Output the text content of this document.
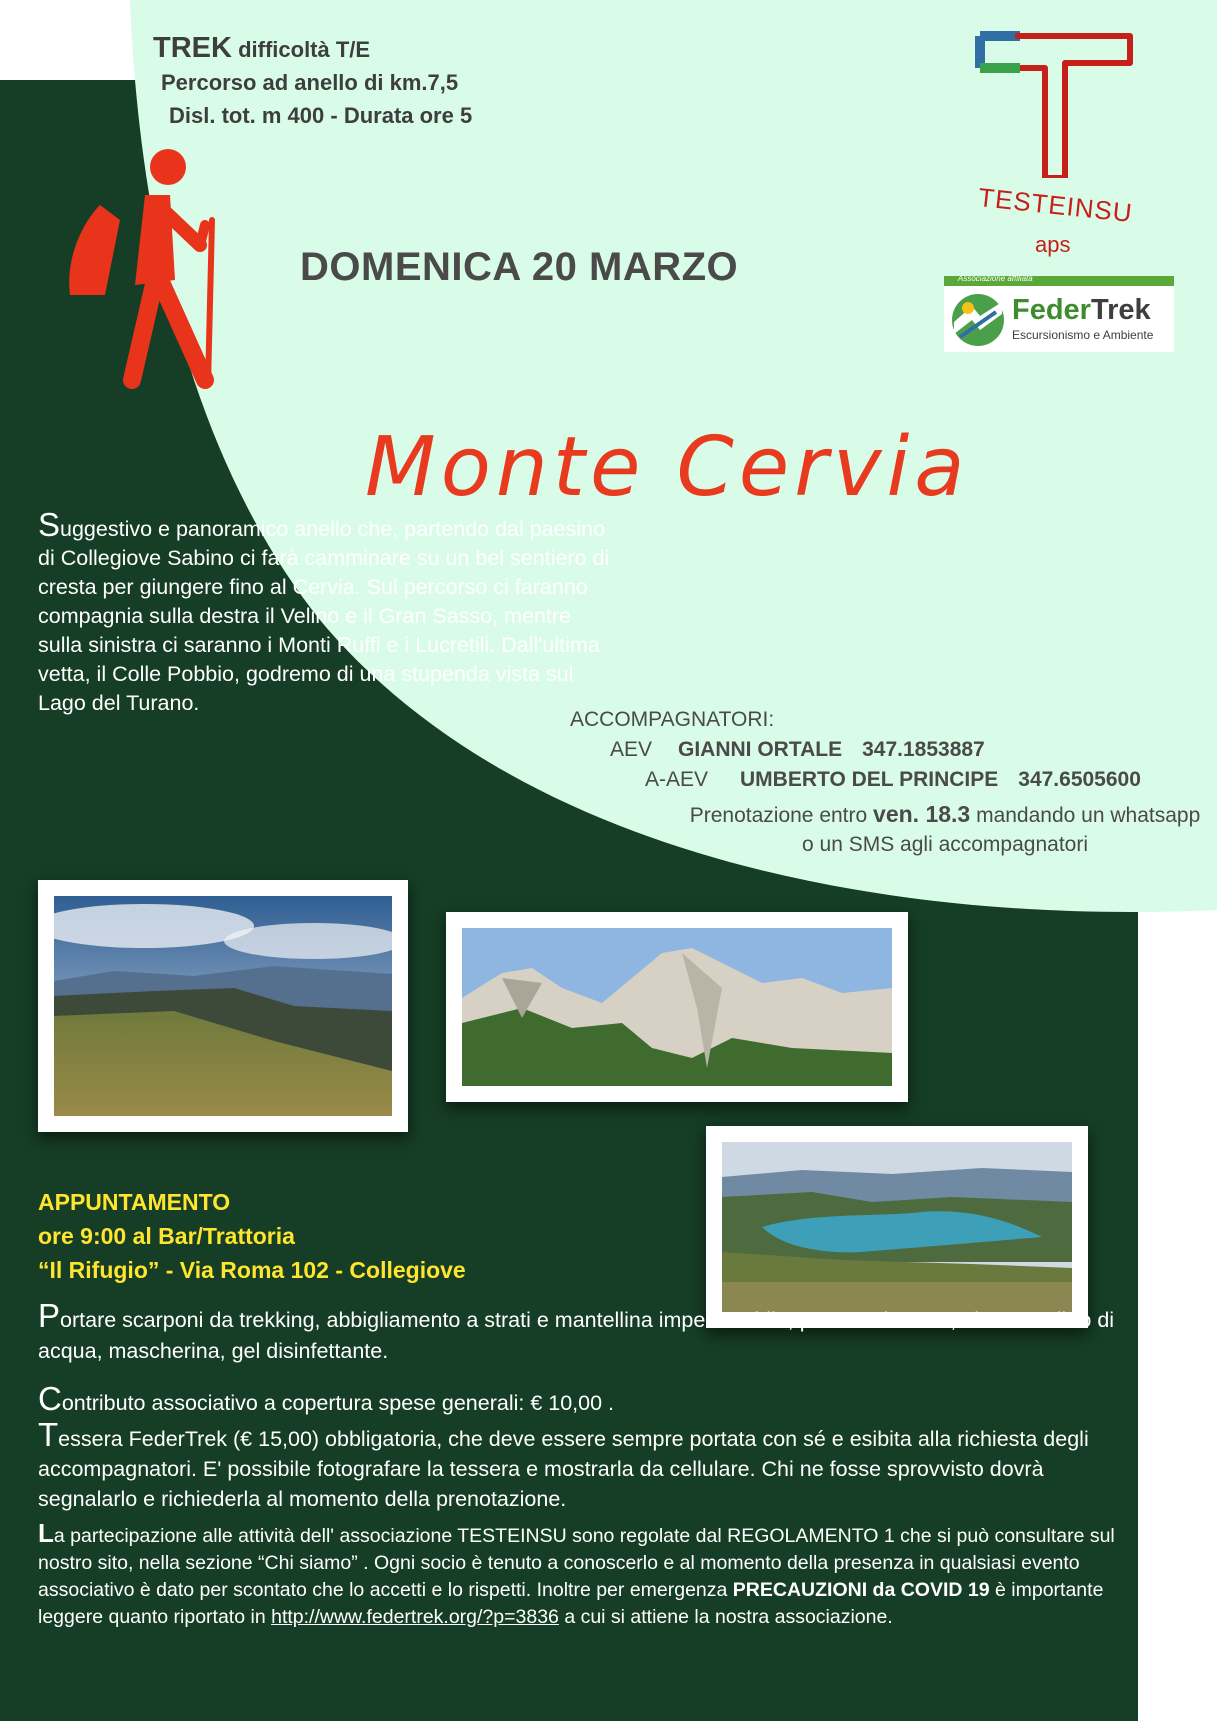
TREK difficoltà T/E
Percorso ad anello di km.7,5
Disl. tot. m 400 - Durata ore 5
DOMENICA 20 MARZO
Monte Cervia
TESTEINSU
aps
Associazione affiliata
FederTrek
Escursionismo e Ambiente
Suggestivo e panoramico anello che, partendo dal paesino di Collegiove Sabino ci farà camminare su un bel sentiero di cresta per giungere fino al Cervia. Sul percorso ci faranno compagnia sulla destra il Velino e il Gran Sasso, mentre sulla sinistra ci saranno i Monti Ruffi e i Lucretili. Dall'ultima vetta, il Colle Pobbio, godremo di una stupenda vista sul Lago del Turano.
ACCOMPAGNATORI:
AEV GIANNI ORTALE 347.1853887
A-AEV UMBERTO DEL PRINCIPE 347.6505600
Prenotazione entro ven. 18.3 mandando un whatsapp o un SMS agli accompagnatori
APPUNTAMENTO
ore 9:00 al Bar/Trattoria
“Il Rifugio” - Via Roma 102 - Collegiove
Portare scarponi da trekking, abbigliamento a strati e mantellina impermeabile, pranzo al sacco, almeno 1 litro di acqua, mascherina, gel disinfettante.
Contributo associativo a copertura spese generali: € 10,00 .
Tessera FederTrek (€ 15,00) obbligatoria, che deve essere sempre portata con sé e esibita alla richiesta degli accompagnatori. E' possibile fotografare la tessera e mostrarla da cellulare. Chi ne fosse sprovvisto dovrà segnalarlo e richiederla al momento della prenotazione.
La partecipazione alle attività dell' associazione TESTEINSU sono regolate dal REGOLAMENTO 1 che si può consultare sul nostro sito, nella sezione “Chi siamo” . Ogni socio è tenuto a conoscerlo e al momento della presenza in qualsiasi evento associativo è dato per scontato che lo accetti e lo rispetti. Inoltre per emergenza PRECAUZIONI da COVID 19 è importante leggere quanto riportato in http://www.federtrek.org/?p=3836 a cui si attiene la nostra associazione.
